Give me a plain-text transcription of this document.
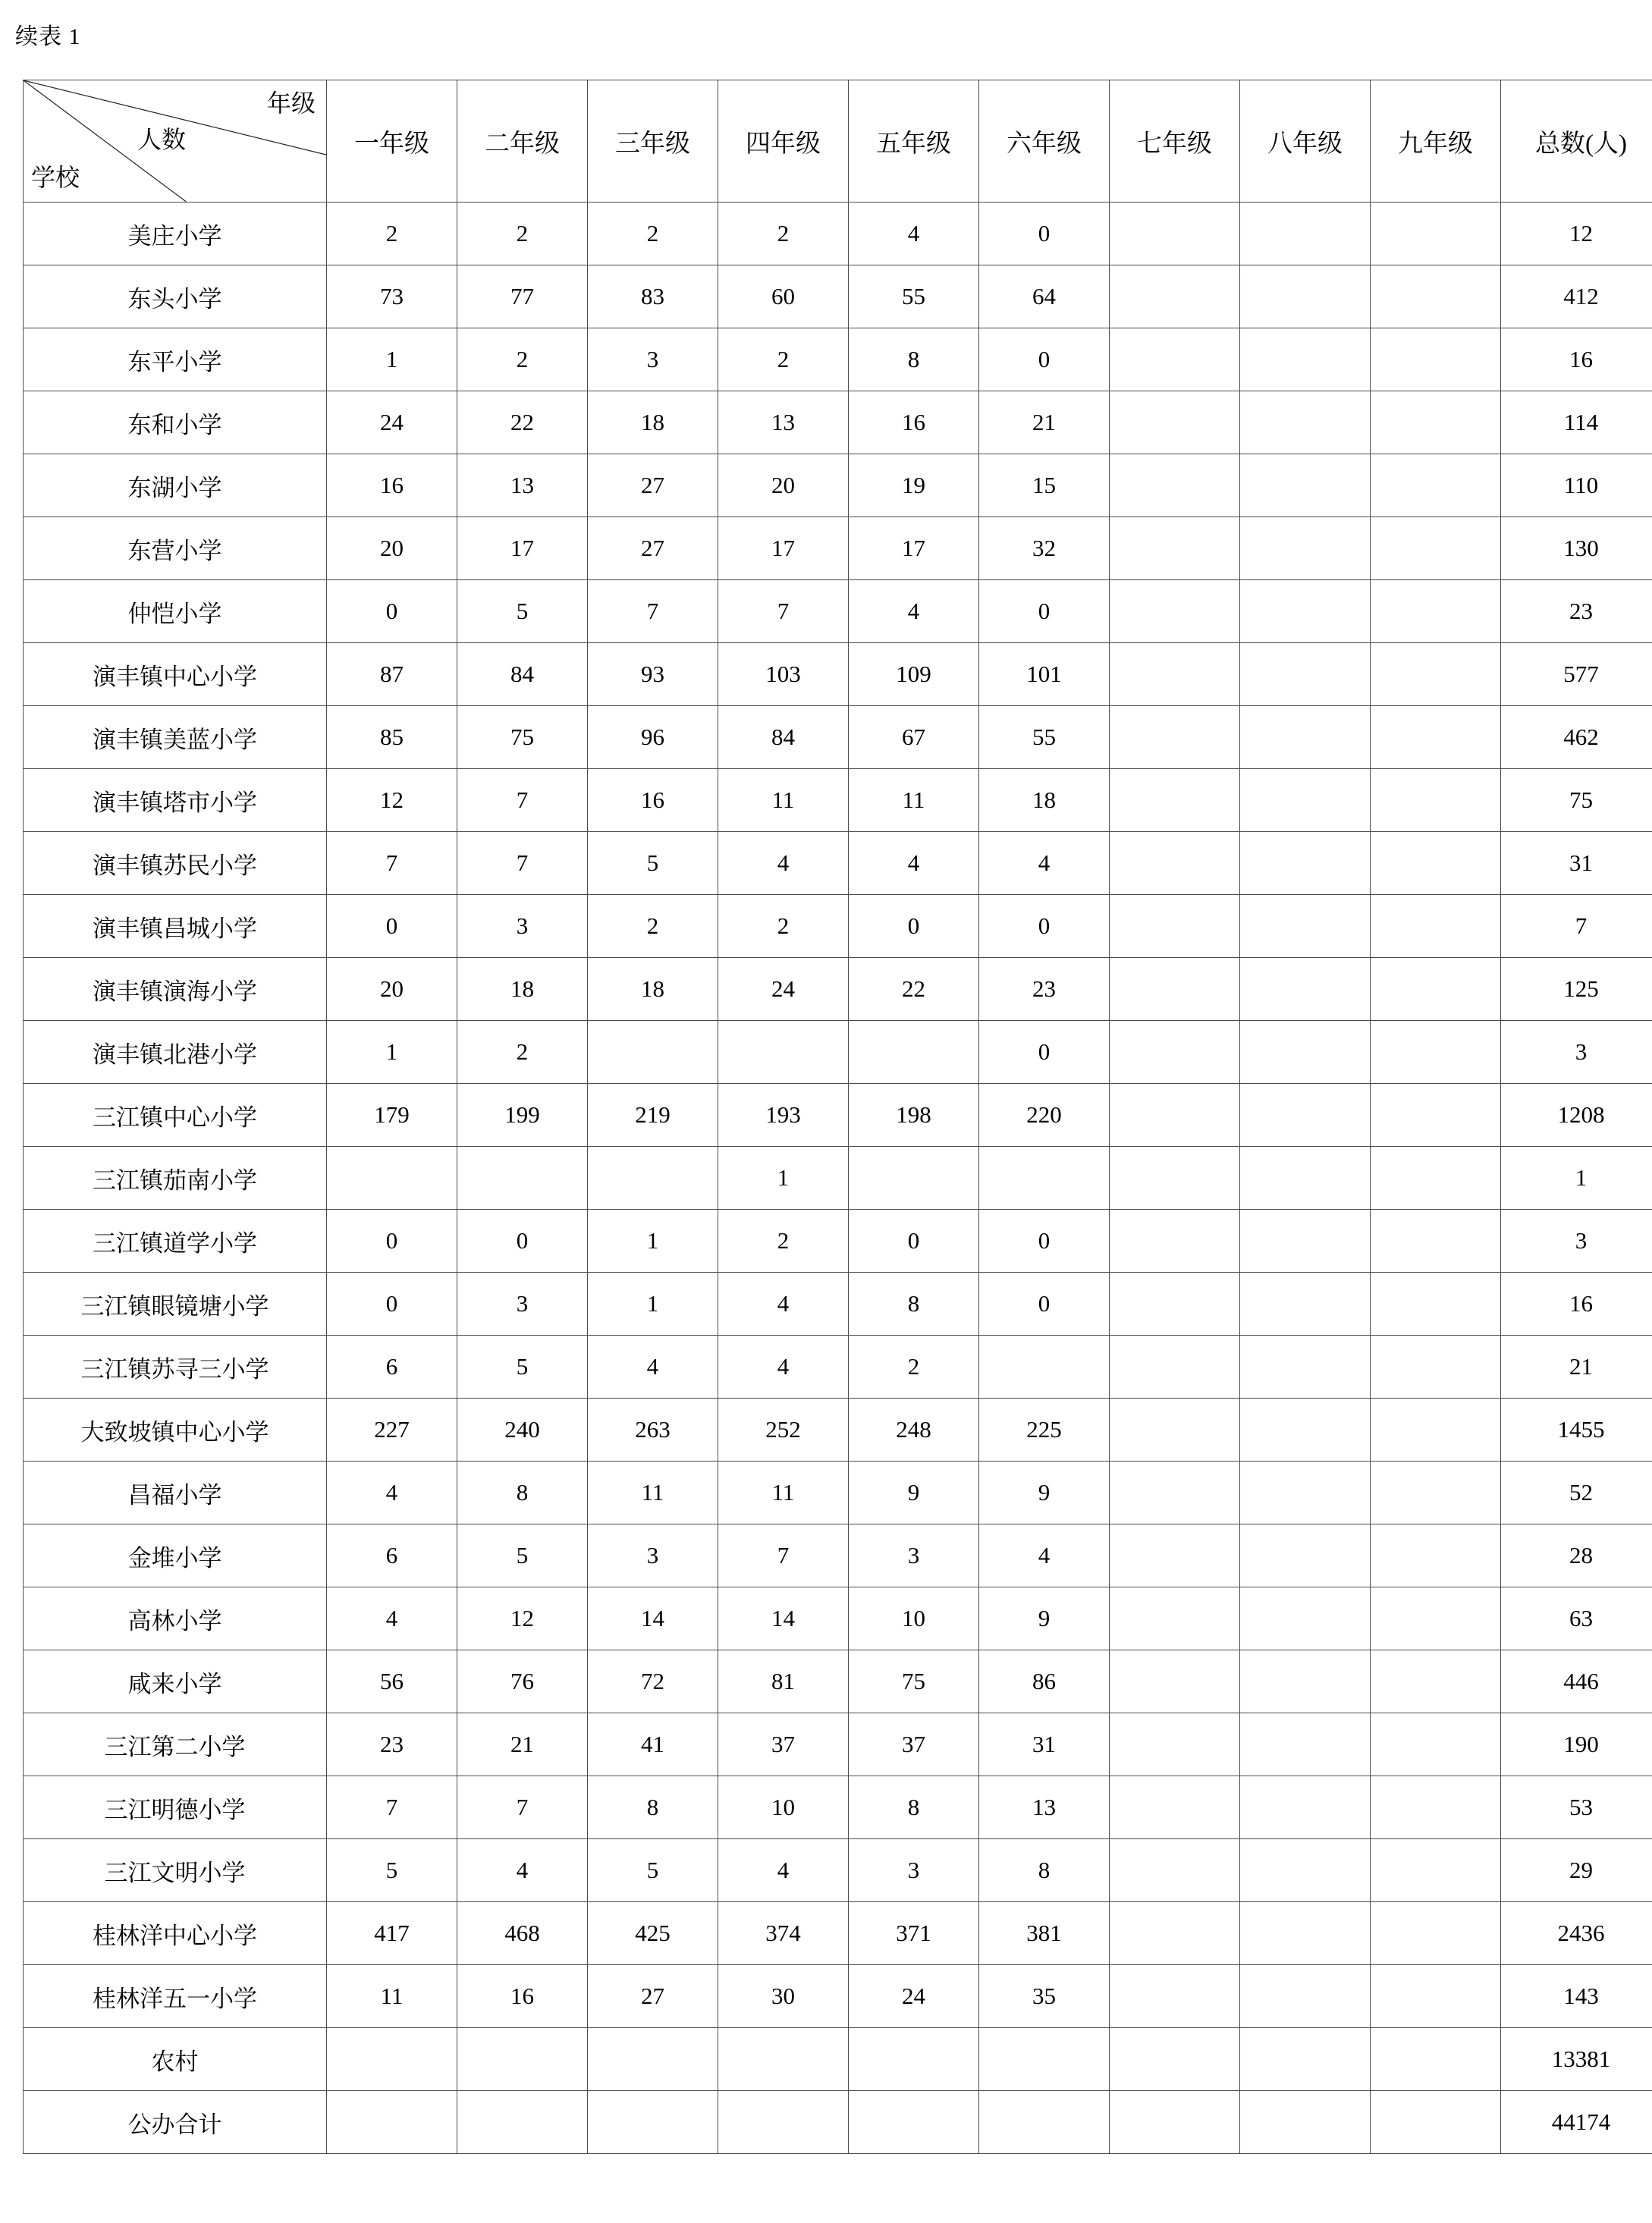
续表 1
年级
人数
学校	一年级	二年级	三年级	四年级	五年级	六年级	七年级	八年级	九年级	总数(人)
美庄小学	2	2	2	2	4	0				12
东头小学	73	77	83	60	55	64				412
东平小学	1	2	3	2	8	0				16
东和小学	24	22	18	13	16	21				114
东湖小学	16	13	27	20	19	15				110
东营小学	20	17	27	17	17	32				130
仲恺小学	0	5	7	7	4	0				23
演丰镇中心小学	87	84	93	103	109	101				577
演丰镇美蓝小学	85	75	96	84	67	55				462
演丰镇塔市小学	12	7	16	11	11	18				75
演丰镇苏民小学	7	7	5	4	4	4				31
演丰镇昌城小学	0	3	2	2	0	0				7
演丰镇演海小学	20	18	18	24	22	23				125
演丰镇北港小学	1	2				0				3
三江镇中心小学	179	199	219	193	198	220				1208
三江镇茄南小学				1						1
三江镇道学小学	0	0	1	2	0	0				3
三江镇眼镜塘小学	0	3	1	4	8	0				16
三江镇苏寻三小学	6	5	4	4	2					21
大致坡镇中心小学	227	240	263	252	248	225				1455
昌福小学	4	8	11	11	9	9				52
金堆小学	6	5	3	7	3	4				28
高林小学	4	12	14	14	10	9				63
咸来小学	56	76	72	81	75	86				446
三江第二小学	23	21	41	37	37	31				190
三江明德小学	7	7	8	10	8	13				53
三江文明小学	5	4	5	4	3	8				29
桂林洋中心小学	417	468	425	374	371	381				2436
桂林洋五一小学	11	16	27	30	24	35				143
农村										13381
公办合计										44174
